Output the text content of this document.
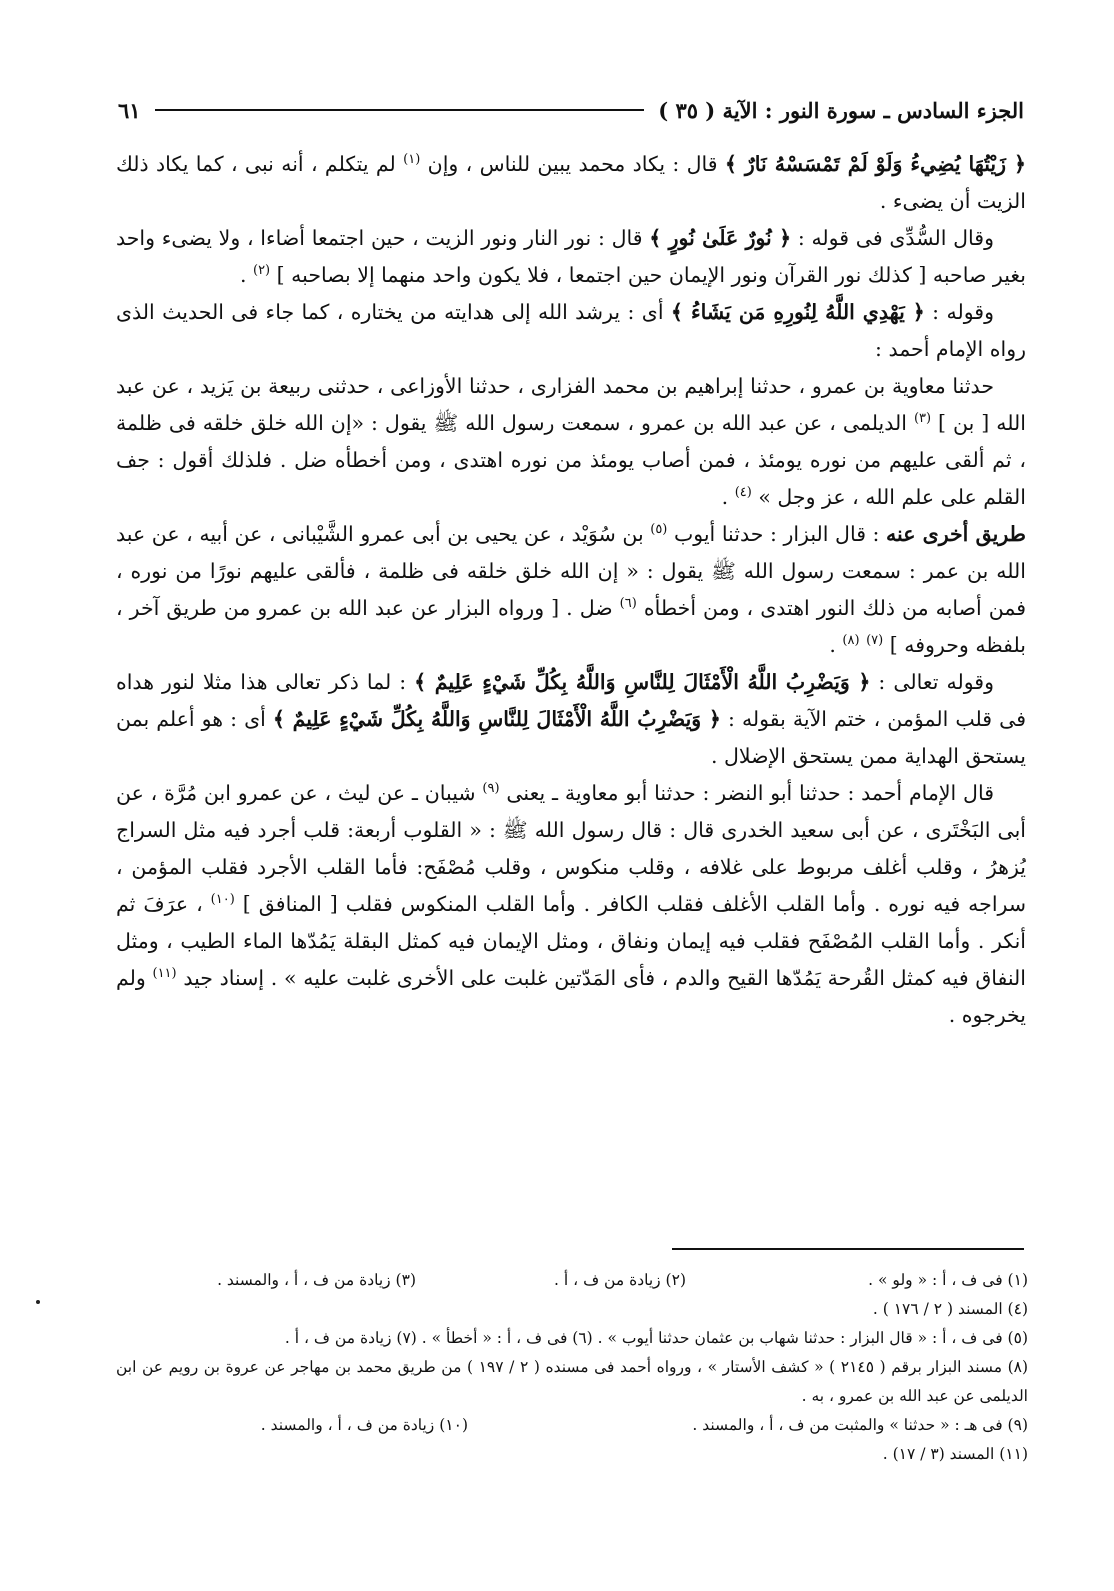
الجزء السادس ـ سورة النور : الآية ( ٣٥ )
٦١

﴿ زَيْتُهَا يُضِيءُ وَلَوْ لَمْ تَمْسَسْهُ نَارٌ ﴾ قال : يكاد محمد يبين للناس ، وإن $^{(١)}$ لم يتكلم ، أنه نبى ، كما يكاد ذلك الزيت أن يضىء .

وقال السُّدِّى فى قوله : ﴿ نُورٌ عَلَىٰ نُورٍ ﴾ قال : نور النار ونور الزيت ، حين اجتمعا أضاءا ، ولا يضىء واحد بغير صاحبه [ كذلك نور القرآن ونور الإيمان حين اجتمعا ، فلا يكون واحد منهما إلا بصاحبه ] $^{(٢)}$ .

وقوله : ﴿ يَهْدِي اللَّهُ لِنُورِهِ مَن يَشَاءُ ﴾ أى : يرشد الله إلى هدايته من يختاره ، كما جاء فى الحديث الذى رواه الإمام أحمد :

حدثنا معاوية بن عمرو ، حدثنا إبراهيم بن محمد الفزارى ، حدثنا الأوزاعى ، حدثنى ربيعة بن يَزيد ، عن عبد الله [ بن ] $^{(٣)}$ الديلمى ، عن عبد الله بن عمرو ، سمعت رسول الله ﷺ يقول : «إن الله خلق خلقه فى ظلمة ، ثم ألقى عليهم من نوره يومئذ ، فمن أصاب يومئذ من نوره اهتدى ، ومن أخطأه ضل . فلذلك أقول : جف القلم على علم الله ، عز وجل » $^{(٤)}$ .

طريق أخرى عنه : قال البزار : حدثنا أيوب $^{(٥)}$ بن سُوَيْد ، عن يحيى بن أبى عمرو الشَّيْبانى ، عن أبيه ، عن عبد الله بن عمر : سمعت رسول الله ﷺ يقول : « إن الله خلق خلقه فى ظلمة ، فألقى عليهم نورًا من نوره ، فمن أصابه من ذلك النور اهتدى ، ومن أخطأه $^{(٦)}$ ضل . [ ورواه البزار عن عبد الله بن عمرو من طريق آخر ، بلفظه وحروفه ] $^{(٧)}$ $^{(٨)}$ .

وقوله تعالى : ﴿ وَيَضْرِبُ اللَّهُ الْأَمْثَالَ لِلنَّاسِ وَاللَّهُ بِكُلِّ شَيْءٍ عَلِيمٌ ﴾ : لما ذكر تعالى هذا مثلا لنور هداه فى قلب المؤمن ، ختم الآية بقوله : ﴿ وَيَضْرِبُ اللَّهُ الْأَمْثَالَ لِلنَّاسِ وَاللَّهُ بِكُلِّ شَيْءٍ عَلِيمٌ ﴾ أى : هو أعلم بمن يستحق الهداية ممن يستحق الإضلال .

قال الإمام أحمد : حدثنا أبو النضر : حدثنا أبو معاوية ـ يعنى $^{(٩)}$ شيبان ـ عن ليث ، عن عمرو ابن مُرَّة ، عن أبى البَخْتَرى ، عن أبى سعيد الخدرى قال : قال رسول الله ﷺ : « القلوب أربعة: قلب أجرد فيه مثل السراج يُزهرُ ، وقلب أغلف مربوط على غلافه ، وقلب منكوس ، وقلب مُصْفَح: فأما القلب الأجرد فقلب المؤمن ، سراجه فيه نوره . وأما القلب الأغلف فقلب الكافر . وأما القلب المنكوس فقلب [ المنافق ] $^{(١٠)}$ ، عرَفَ ثم أنكر . وأما القلب المُصْفَح فقلب فيه إيمان ونفاق ، ومثل الإيمان فيه كمثل البقلة يَمُدّها الماء الطيب ، ومثل النفاق فيه كمثل القُرحة يَمُدّها القيح والدم ، فأى المَدّتين غلبت على الأخرى غلبت عليه » . إسناد جيد $^{(١١)}$ ولم يخرجوه .

(١) فى ف ، أ : « ولو » .
(٢) زيادة من ف ، أ .
(٣) زيادة من ف ، أ ، والمسند .
(٤) المسند ( ٢ / ١٧٦ ) .
(٥) فى ف ، أ : « قال البزار : حدثنا شهاب بن عثمان حدثنا أيوب » .

(٦) فى ف ، أ : « أخطأ » .

(٧) زيادة من ف ، أ .
(٨) مسند البزار برقم ( ٢١٤٥ ) « كشف الأستار » ، ورواه أحمد فى مسنده ( ٢ / ١٩٧ ) من طريق محمد بن مهاجر عن عروة بن رويم عن ابن الديلمى عن عبد الله بن عمرو ، به .
(٩) فى هـ : « حدثنا » والمثبت من ف ، أ ، والمسند .
(١٠) زيادة من ف ، أ ، والمسند .
(١١) المسند (٣ / ١٧) .
